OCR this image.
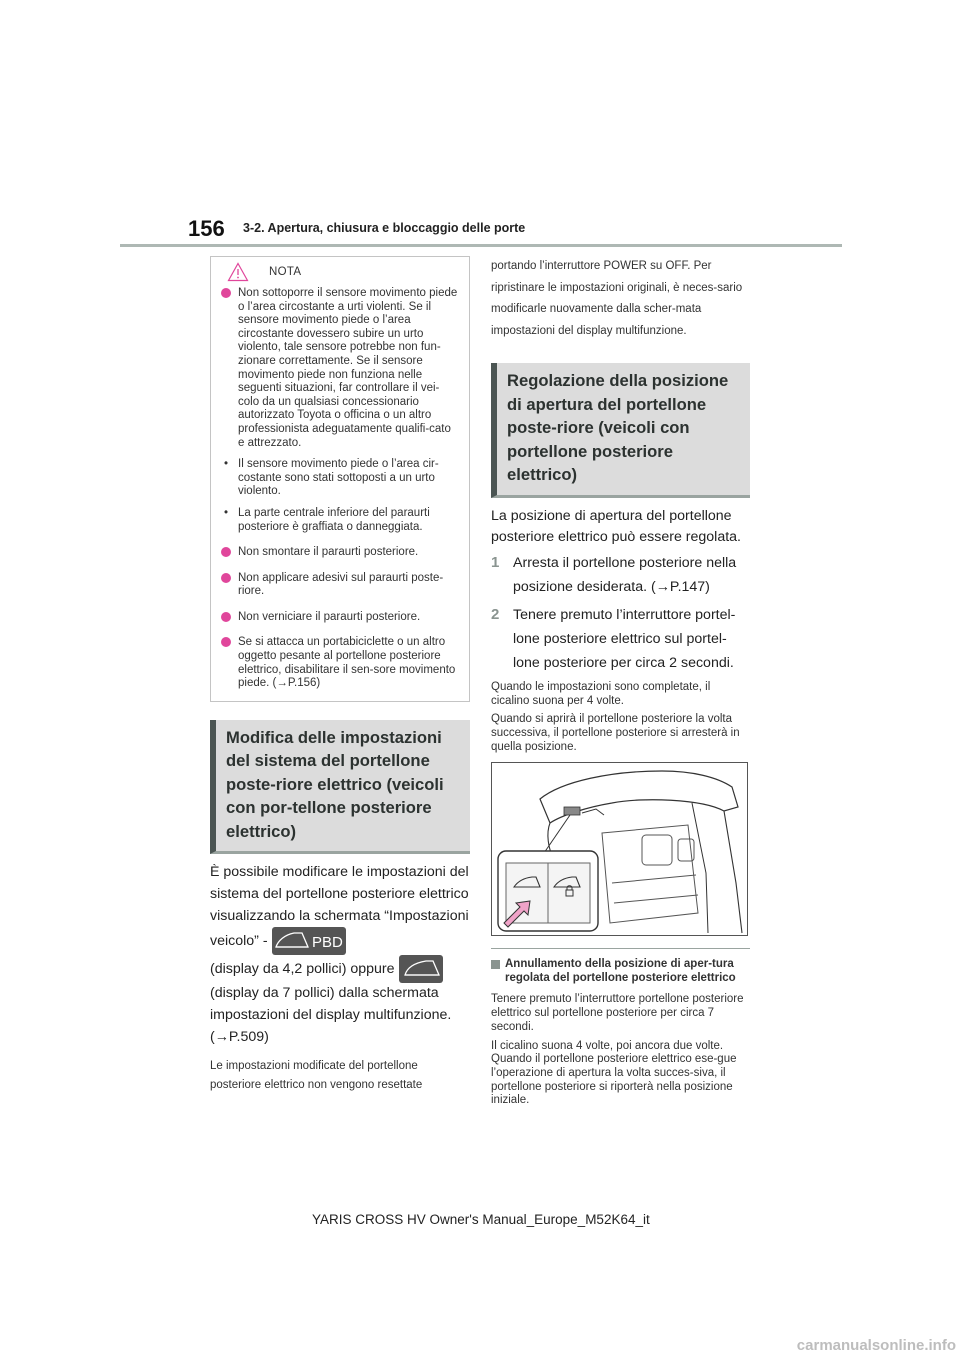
156 3-2. Apertura, chiusura e bloccaggio delle porte
NOTA
Non sottoporre il sensore movimento piede o l’area circostante a urti violenti. Se il sensore movimento piede o l’area circostante dovessero subire un urto violento, tale sensore potrebbe non fun-zionare correttamente. Se il sensore movimento piede non funziona nelle seguenti situazioni, far controllare il vei-colo da un qualsiasi concessionario autorizzato Toyota o officina o un altro professionista adeguatamente qualifi-cato e attrezzato.
• Il sensore movimento piede o l’area cir-costante sono stati sottoposti a un urto violento.
• La parte centrale inferiore del paraurti posteriore è graffiata o danneggiata.
Non smontare il paraurti posteriore.
Non applicare adesivi sul paraurti poste-riore.
Non verniciare il paraurti posteriore.
Se si attacca un portabiciclette o un altro oggetto pesante al portellone posteriore elettrico, disabilitare il sen-sore movimento piede. (→P.156)
Modifica delle impostazioni del sistema del portellone poste-riore elettrico (veicoli con por-tellone posteriore elettrico)
È possibile modificare le impostazioni del sistema del portellone posteriore elettrico visualizzando la schermata “Impostazioni veicolo” -	PBD

(display da 4,2 pollici) oppure

(display da 7 pollici) dalla schermata impostazioni del display multifunzione. (→P.509)
Le impostazioni modificate del portellone posteriore elettrico non vengono resettate
portando l’interruttore POWER su OFF. Per ripristinare le impostazioni originali, è neces-sario modificarle nuovamente dalla scher-mata impostazioni del display multifunzione.
Regolazione della posizione di apertura del portellone poste-riore (veicoli con portellone posteriore elettrico)
La posizione di apertura del portellone posteriore elettrico può essere regolata.
1 Arresta il portellone posteriore nella posizione desiderata. (→P.147)
2 Tenere premuto l’interruttore portel-lone posteriore elettrico sul portel-lone posteriore per circa 2 secondi.
Quando le impostazioni sono completate, il cicalino suona per 4 volte.
Quando si aprirà il portellone posteriore la volta successiva, il portellone posteriore si arresterà in quella posizione.
Annullamento della posizione di aper-tura regolata del portellone posteriore elettrico
Tenere premuto l’interruttore portellone posteriore elettrico sul portellone posteriore per circa 7 secondi.
Il cicalino suona 4 volte, poi ancora due volte. Quando il portellone posteriore elettrico ese-gue l’operazione di apertura la volta succes-siva, il portellone posteriore si riporterà nella posizione iniziale.
YARIS CROSS HV Owner's Manual_Europe_M52K64_it
carmanualsonline.info
